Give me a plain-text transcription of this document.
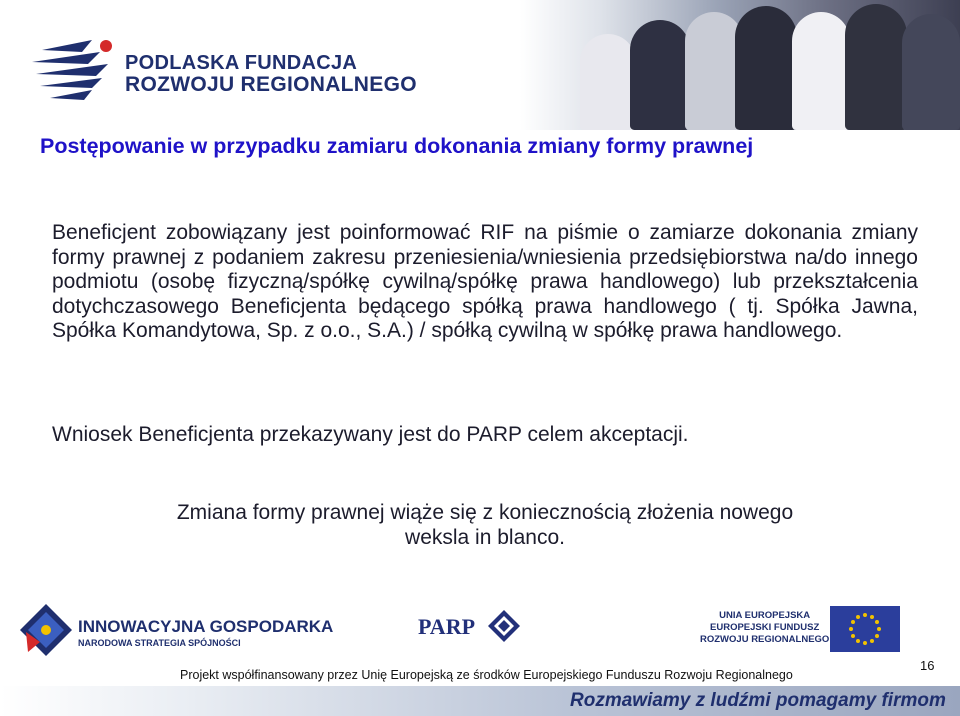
PODLASKA FUNDACJA
ROZWOJU REGIONALNEGO
Postępowanie w przypadku zamiaru dokonania zmiany formy prawnej
Beneficjent zobowiązany jest poinformować RIF na piśmie o zamiarze dokonania zmiany formy prawnej z podaniem zakresu przeniesienia/wniesienia przedsiębiorstwa na/do innego podmiotu (osobę fizyczną/spółkę cywilną/spółkę prawa handlowego) lub przekształcenia dotychczasowego Beneficjenta będącego spółką prawa handlowego ( tj. Spółka Jawna, Spółka Komandytowa, Sp. z o.o., S.A.) / spółką cywilną w spółkę prawa handlowego.
Wniosek Beneficjenta przekazywany jest do PARP celem akceptacji.
Zmiana formy prawnej wiąże się z koniecznością złożenia nowego
weksla in blanco.
INNOWACYJNA GOSPODARKA
NARODOWA STRATEGIA SPÓJNOŚCI
PARP	UNIA EUROPEJSKA
EUROPEJSKI FUNDUSZ
ROZWOJU REGIONALNEGO
Projekt współfinansowany przez Unię Europejską ze środków Europejskiego Funduszu Rozwoju Regionalnego
16
Rozmawiamy z ludźmi pomagamy firmom
